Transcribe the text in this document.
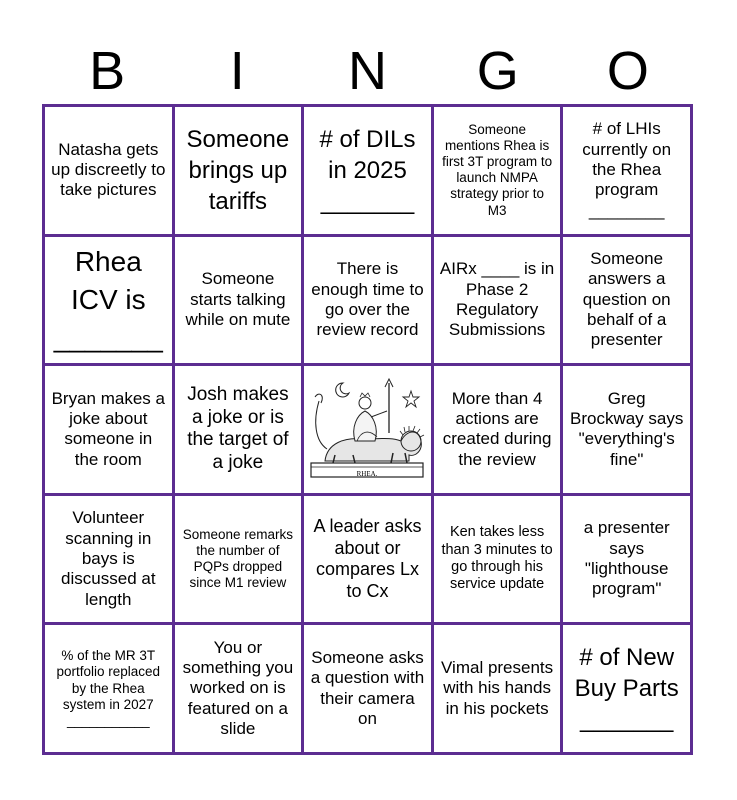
B	I	N	G	O
Natasha gets up discreetly to take pictures
Someone brings up tariffs
# of DILs in 2025 _______
Someone mentions Rhea is first 3T program to launch NMPA strategy prior to M3
# of LHIs currently on the Rhea program ________
Rhea ICV is _______
Someone starts talking while on mute
There is enough time to go over the review record
AIRx ____ is in Phase 2 Regulatory Submissions
Someone answers a question on behalf of a presenter
Bryan makes a joke about someone in the room
Josh makes a joke or is the target of a joke
RHEA.
More than 4 actions are created during the review
Greg Brockway says "everything's fine"
Volunteer scanning in bays is discussed at length
Someone remarks the number of PQPs dropped since M1 review
A leader asks about or compares Lx to Cx
Ken takes less than 3 minutes to go through his service update
a presenter says "lighthouse program"
% of the MR 3T portfolio replaced by the Rhea system in 2027 ___________
You or something you worked on is featured on a slide
Someone asks a question with their camera on
Vimal presents with his hands in his pockets
# of New Buy Parts _______
